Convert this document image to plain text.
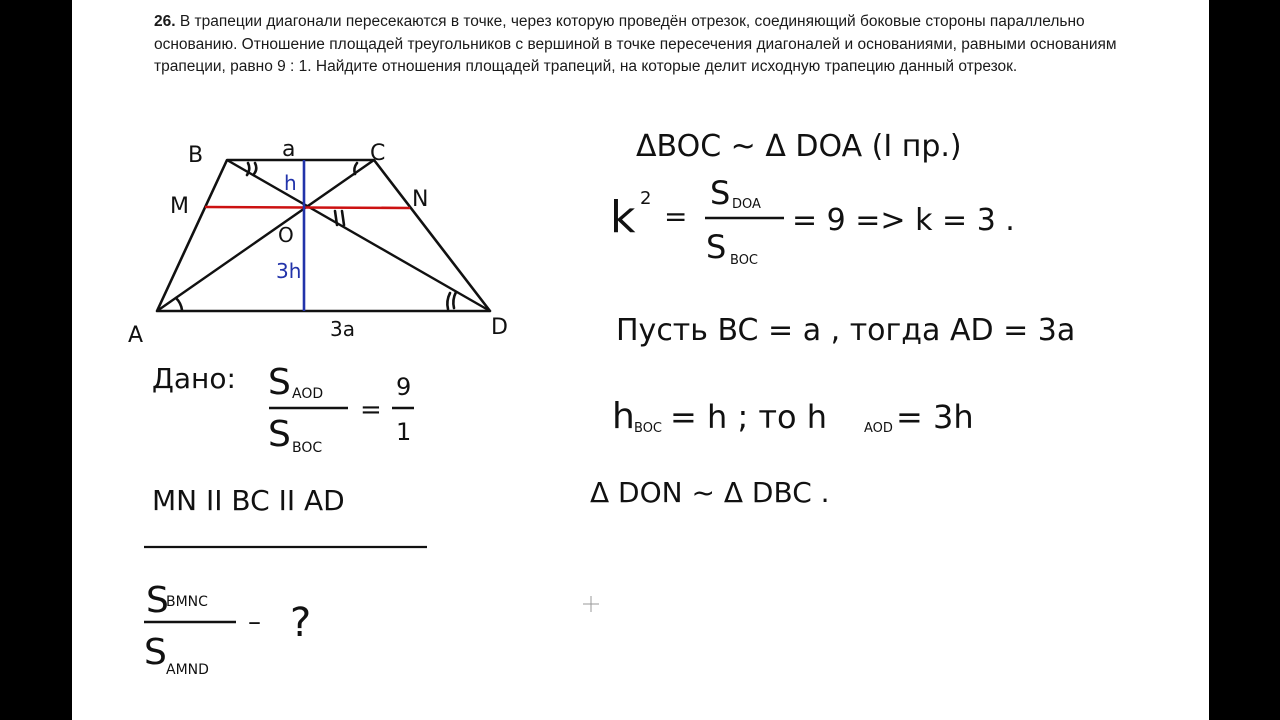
26. В трапеции диагонали пересекаются в точке, через которую проведён отрезок, соединяющий боковые стороны параллельно основанию. Отношение площадей треугольников с вершиной в точке пересечения диагоналей и основаниями, равными основаниям трапеции, равно 9 : 1. Найдите отношения площадей трапеций, на которые делит исходную трапецию данный отрезок.

B	C
M	N
A	D
O
a
3a
h
3h
Дано: S AOD
S BOC
=
9
1
MN II BC II AD
S
BMNC
S AMND
– ?
ΔBOC ~ Δ DOA (I пр.)
k 2
=
S DOA
S BOC
= 9 => k = 3 .
Пусть BC = a , тогда AD = 3a
h BOC = h ; то h	AOD = 3h
Δ DON ~ Δ DBC .
